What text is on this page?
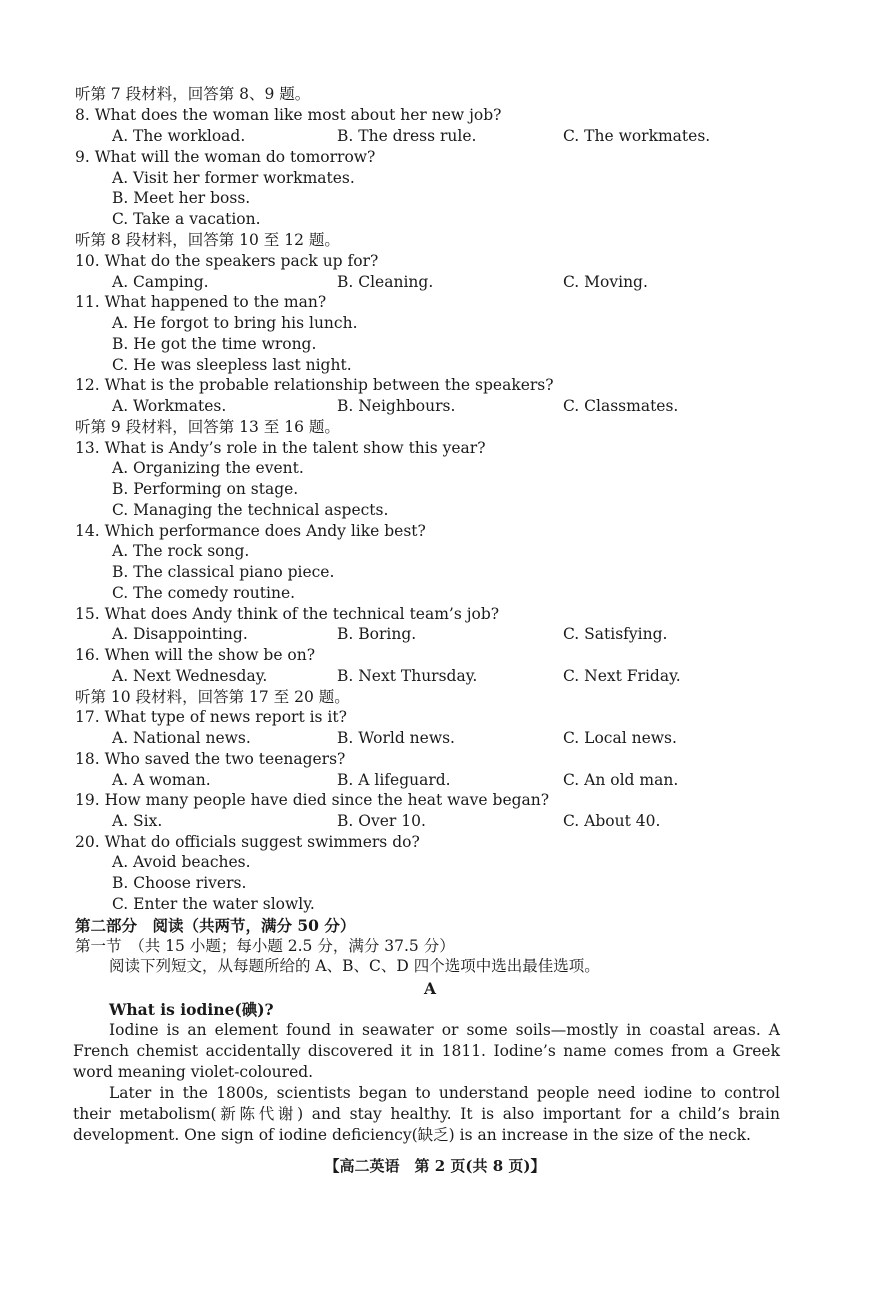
听第 7 段材料，回答第 8、9 题。
8. What does the woman like most about her new job?
A. The workload.	B. The dress rule.	C. The workmates.
9. What will the woman do tomorrow?
A. Visit her former workmates.
B. Meet her boss.
C. Take a vacation.
听第 8 段材料，回答第 10 至 12 题。
10. What do the speakers pack up for?
A. Camping.	B. Cleaning.	C. Moving.
11. What happened to the man?
A. He forgot to bring his lunch.
B. He got the time wrong.
C. He was sleepless last night.
12. What is the probable relationship between the speakers?
A. Workmates.	B. Neighbours.	C. Classmates.
听第 9 段材料，回答第 13 至 16 题。
13. What is Andy’s role in the talent show this year?
A. Organizing the event.
B. Performing on stage.
C. Managing the technical aspects.
14. Which performance does Andy like best?
A. The rock song.
B. The classical piano piece.
C. The comedy routine.
15. What does Andy think of the technical team’s job?
A. Disappointing.	B. Boring.	C. Satisfying.
16. When will the show be on?
A. Next Wednesday.	B. Next Thursday.	C. Next Friday.
听第 10 段材料，回答第 17 至 20 题。
17. What type of news report is it?
A. National news.	B. World news.	C. Local news.
18. Who saved the two teenagers?
A. A woman.	B. A lifeguard.	C. An old man.
19. How many people have died since the heat wave began?
A. Six.	B. Over 10.	C. About 40.
20. What do officials suggest swimmers do?
A. Avoid beaches.
B. Choose rivers.
C. Enter the water slowly.
第二部分　阅读（共两节，满分 50 分）
第一节　（共 15 小题；每小题 2.5 分，满分 37.5 分）
阅读下列短文，从每题所给的 A、B、C、D 四个选项中选出最佳选项。
A
What is iodine(碘)?

Iodine is an element found in seawater or some soils—mostly in coastal areas. A French chemist accidentally discovered it in 1811. Iodine’s name comes from a Greek word meaning violet-coloured.

Later in the 1800s, scientists began to understand people need iodine to control their metabolism(新陈代谢) and stay healthy. It is also important for a child’s brain development. One sign of iodine deficiency(缺乏) is an increase in the size of the neck.

【高二英语　第 2 页(共 8 页)】
